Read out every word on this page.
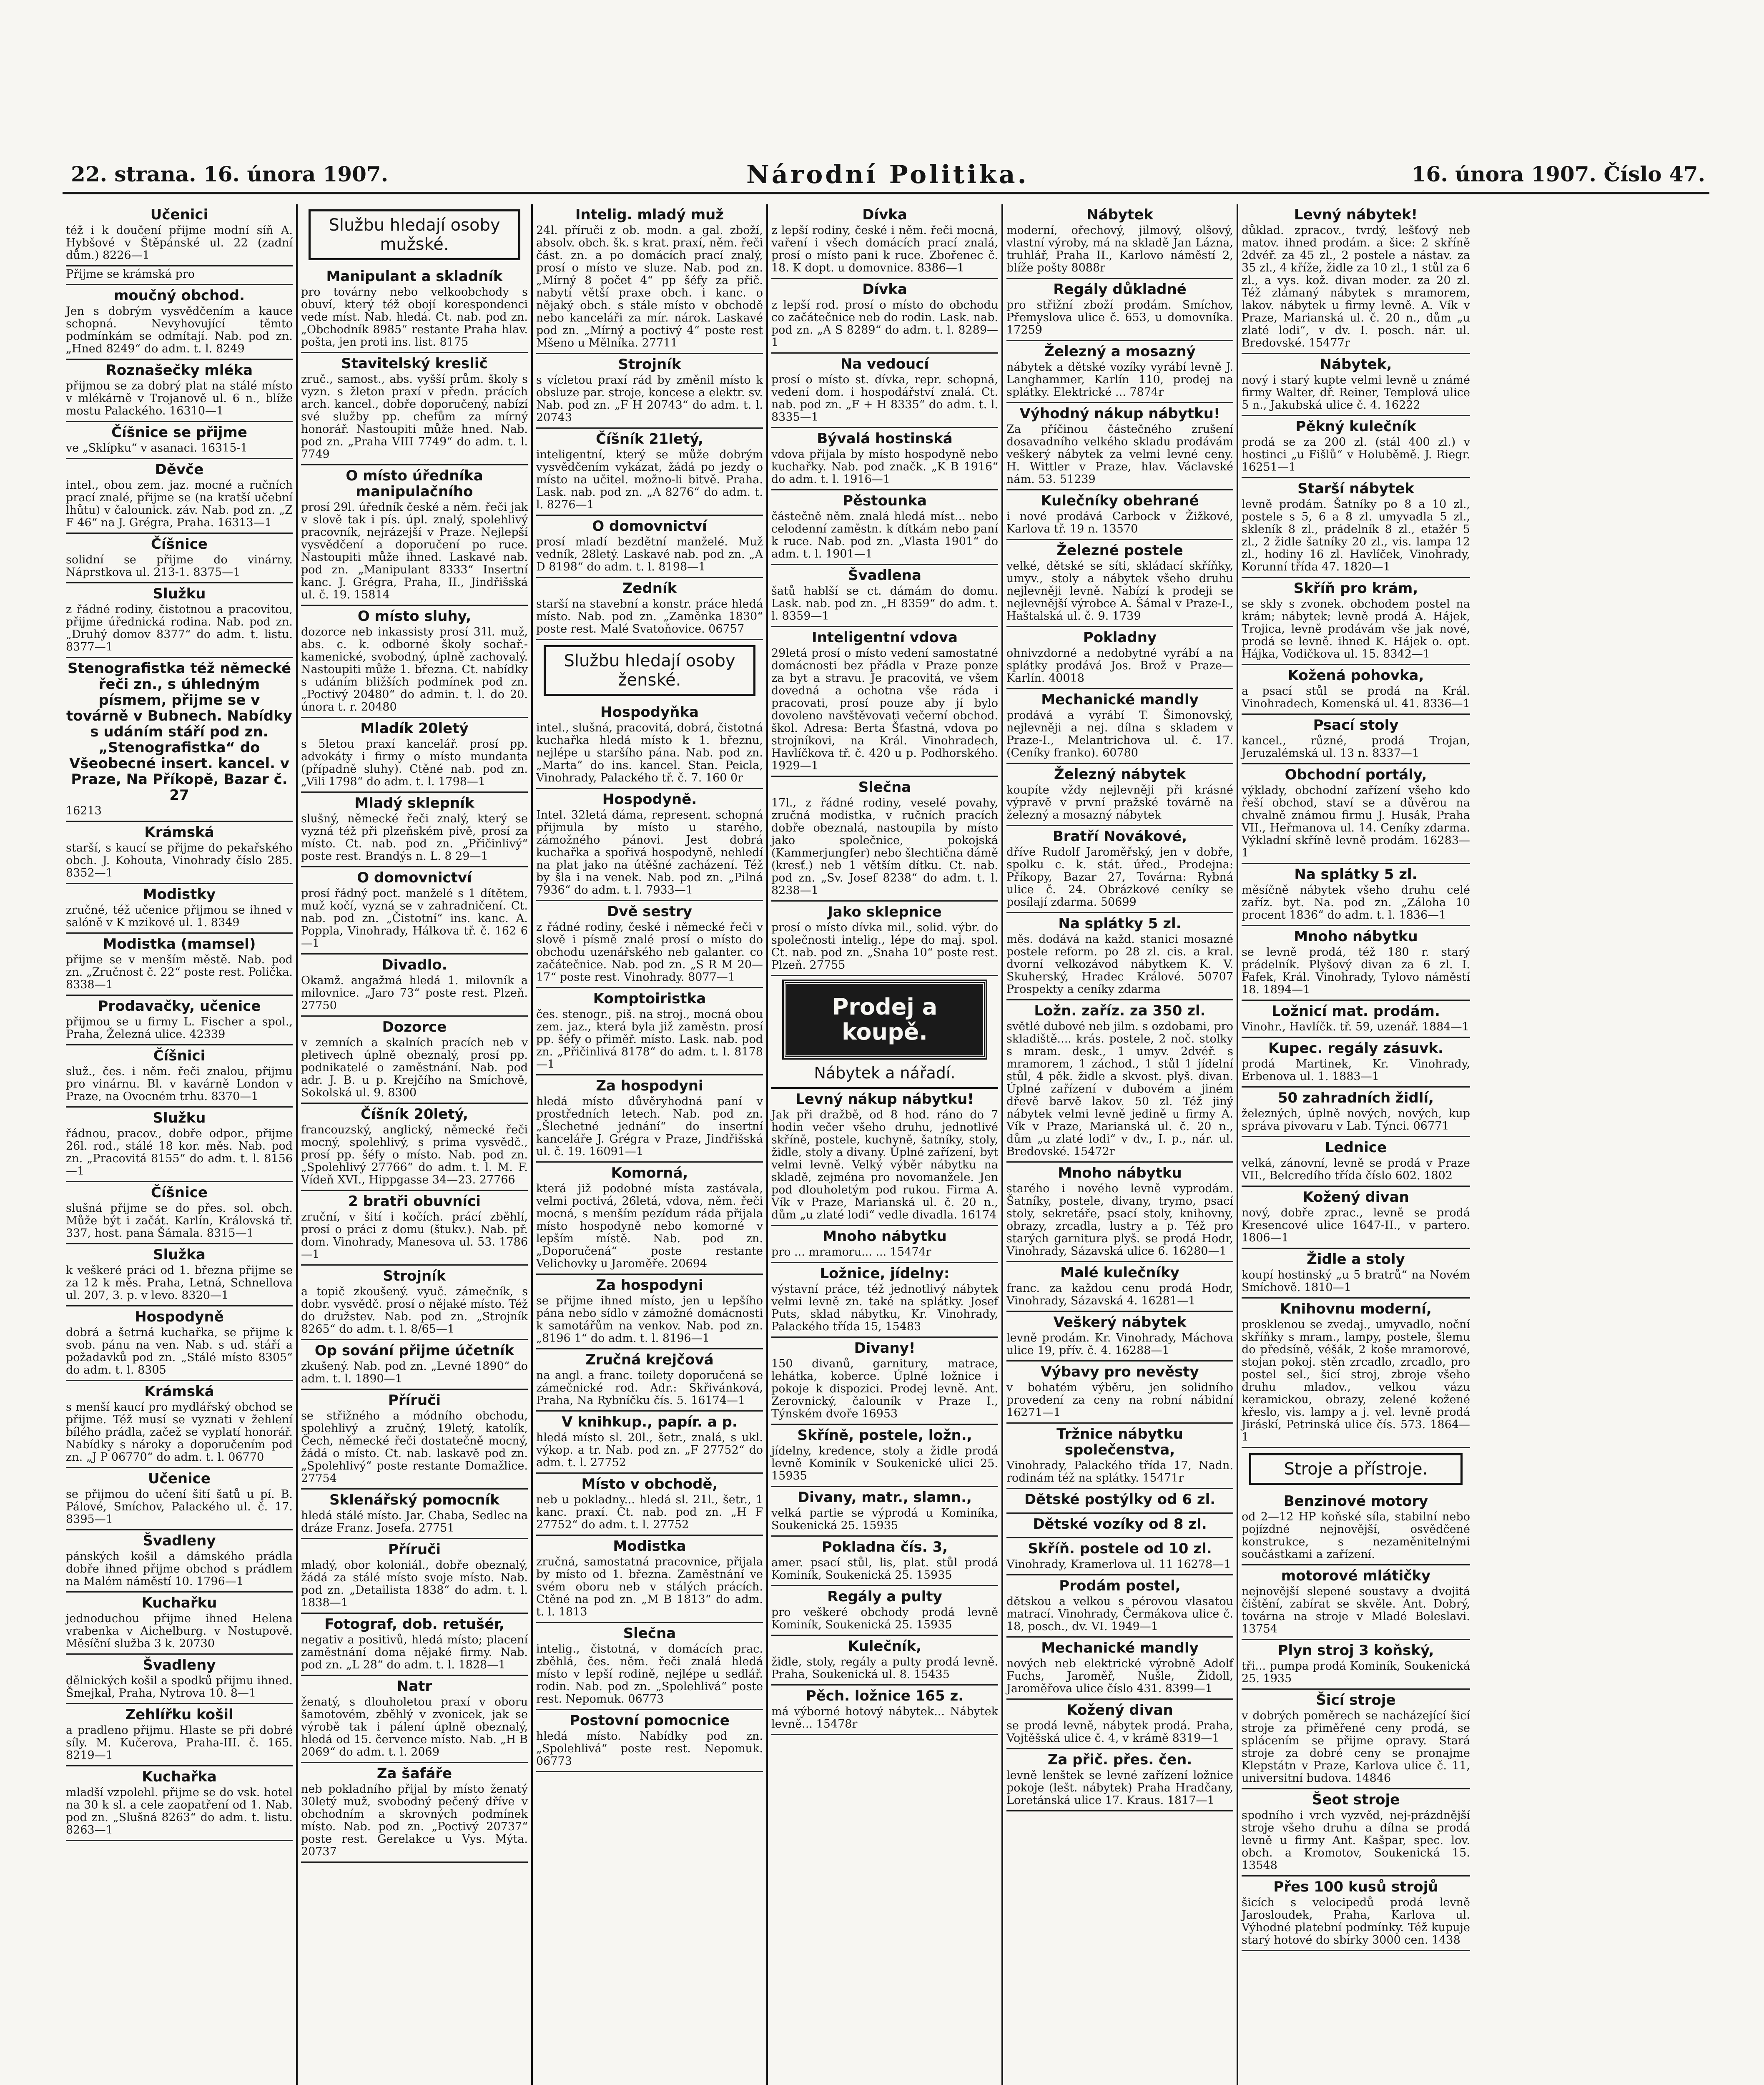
22. strana. 16. února 1907.	Národní Politika.	16. února 1907. Číslo 47.
Učenici

též i k doučení přijme modní síň A. Hybšové v Štěpánské ul. 22 (zadní dům.) 8226—1

Přijme se krámská pro

moučný obchod.

Jen s dobrým vysvědčením a kauce schopná. Nevyhovující těmto podmínkám se odmítají. Nab. pod zn. „Hned 8249“ do adm. t. l. 8249

Roznašečky mléka

přijmou se za dobrý plat na stálé místo v mlékárně v Trojanově ul. 6 n., blíže mostu Palackého. 16310—1

Číšnice se přijme

ve „Sklípku“ v asanaci. 16315-1

Děvče

intel., obou zem. jaz. mocné a ručních prací znalé, přijme se (na kratší učební lhůtu) v čalounick. záv. Nab. pod zn. „Z F 46“ na J. Grégra, Praha. 16313—1

Číšnice

solidní se přijme do vinárny. Náprstkova ul. 213-1. 8375—1

Služku

z řádné rodiny, čistotnou a pracovitou, přijme úřednická rodina. Nab. pod zn. „Druhý domov 8377“ do adm. t. listu. 8377—1

Stenografistka též německé řeči zn., s úhledným písmem, přijme se v továrně v Bubnech. Nabídky s udáním stáří pod zn. „Stenografistka“ do Všeobecné insert. kancel. v Praze, Na Příkopě, Bazar č. 27

16213

Krámská

starší, s kaucí se přijme do pekařského obch. J. Kohouta, Vinohrady číslo 285. 8352—1

Modistky

zručné, též učenice přijmou se ihned v salóně v K mzikové ul. 1. 8349

Modistka (mamsel)

přijme se v menším městě. Nab. pod zn. „Zručnost č. 22“ poste rest. Polička. 8338—1

Prodavačky, učenice

přijmou se u firmy L. Fischer a spol., Praha, Železná ulice. 42339

Číšnici

služ., čes. i něm. řeči znalou, přijmu pro vinárnu. Bl. v kavárně London v Praze, na Ovocném trhu. 8370—1

Služku

řádnou, pracov., dobře odpor., přijme 26l. rod., stálé 18 kor. měs. Nab. pod zn. „Pracovitá 8155“ do adm. t. l. 8156—1

Číšnice

slušná přijme se do přes. sol. obch. Může být i začát. Karlín, Královská tř. 337, host. pana Šámala. 8315—1

Služka

k veškeré práci od 1. března přijme se za 12 k měs. Praha, Letná, Schnellova ul. 207, 3. p. v levo. 8320—1

Hospodyně

dobrá a šetrná kuchařka, se přijme k svob. pánu na ven. Nab. s ud. stáří a požadavků pod zn. „Stálé místo 8305“ do adm. t. l. 8305

Krámská

s menší kaucí pro mydlářský obchod se přijme. Též musí se vyznati v žehlení bílého prádla, začež se vyplatí honorář. Nabídky s nároky a doporučením pod zn. „J P 06770“ do adm. t. l. 06770

Učenice

se přijmou do učení šití šatů u pí. B. Pálové, Smíchov, Palackého ul. č. 17. 8395—1

Švadleny

pánských košil a dámského prádla dobře ihned přijme obchod s prádlem na Malém náměstí 10. 1796—1

Kuchařku

jednoduchou přijme ihned Helena vrabenka v Aichelburg. v Nostupově. Měsíční služba 3 k. 20730

Švadleny

dělnických košil a spodků přijmu ihned. Šmejkal, Praha, Nytrova 10. 8—1

Zehlířku košil

a pradleno přijmu. Hlaste se při dobré síly. M. Kučerova, Praha-III. č. 165. 8219—1

Kuchařka

mladší vzpolehl. přijme se do vsk. hotel na 30 k sl. a cele zaopatření od 1. Nab. pod zn. „Slušná 8263“ do adm. t. listu. 8263—1

Službu hledají osoby mužské.
Manipulant a skladník

pro továrny nebo velkoobchody s obuví, který též obojí korespondenci vede míst. Nab. hledá. Ct. nab. pod zn. „Obchodník 8985“ restante Praha hlav. pošta, jen proti ins. list. 8175

Stavitelský kreslič

zruč., samost., abs. vyšší prům. školy s vyzn. s žleton praxí v předn. prácích arch. kancel., dobře doporučený, nabízí své služby pp. chefům za mírný honorář. Nastoupiti může hned. Nab. pod zn. „Praha VIII 7749“ do adm. t. l. 7749

O místo úředníka manipulačního

prosí 29l. úředník české a něm. řeči jak v slově tak i pís. úpl. znalý, spolehlivý pracovník, nejrázejší v Praze. Nejlepší vysvědčení a doporučení po ruce. Nastoupiti může ihned. Laskavé nab. pod zn. „Manipulant 8333“ Insertní kanc. J. Grégra, Praha, II., Jindřišská ul. č. 19. 15814

O místo sluhy,

dozorce neb inkassisty prosí 31l. muž, abs. c. k. odborné školy sochař.-kamenické, svobodný, úplně zachovalý. Nastoupiti může 1. března. Ct. nabídky s udáním bližších podmínek pod zn. „Poctivý 20480“ do admin. t. l. do 20. února t. r. 20480

Mladík 20letý

s 5letou praxí kancelář. prosí pp. advokáty i firmy o místo mundanta (případně sluhy). Ctěné nab. pod zn. „Vili 1798“ do adm. t. l. 1798—1

Mladý sklepník

slušný, německé řeči znalý, který se vyzná též při plzeňském pivě, prosí za místo. Ct. nab. pod zn. „Přičinlivý“ poste rest. Brandýs n. L. 8 29—1

O domovnictví

prosí řádný poct. manželé s 1 dítětem, muž kočí, vyzná se v zahradničení. Ct. nab. pod zn. „Čistotní“ ins. kanc. A. Poppla, Vinohrady, Hálkova tř. č. 162 6—1

Divadlo.

Okamž. angažmá hledá 1. milovník a milovnice. „Jaro 73“ poste rest. Plzeň. 27750

Dozorce

v zemních a skalních pracích neb v pletivech úplně obeznalý, prosí pp. podnikatelé o zaměstnání. Nab. pod adr. J. B. u p. Krejčího na Smíchově, Sokolská ul. 9. 8300

Číšník 20letý,

francouzský, anglický, německé řeči mocný, spolehlivý, s prima vysvědč., prosí pp. šéfy o místo. Nab. pod zn. „Spolehlivý 27766“ do adm. t. l. M. F. Vídeň XVI., Hippgasse 34—23. 27766

2 bratři obuvníci

zruční, v šití i kočích. prácí zběhlí, prosí o práci z domu (štukv.). Nab. př. dom. Vinohrady, Manesova ul. 53. 1786—1

Strojník

a topič zkoušený. vyuč. zámečník, s dobr. vysvědč. prosí o nějaké místo. Též do družstev. Nab. pod zn. „Strojník 8265“ do adm. t. l. 8/65—1

Op sování přijme účetník

zkušený. Nab. pod zn. „Levné 1890“ do adm. t. l. 1890—1

Příruči

se střižného a módního obchodu, spolehlivý a zručný, 19letý, katolík, Čech, německé řeči dostatečně mocný, žádá o místo. Ct. nab. laskavě pod zn. „Spolehlivý“ poste restante Domažlice. 27754

Sklenářský pomocník

hledá stálé místo. Jar. Chaba, Sedlec na dráze Franz. Josefa. 27751

Příruči

mladý, obor koloniál., dobře obeznalý, žádá za stálé místo svoje místo. Nab. pod zn. „Detailista 1838“ do adm. t. l. 1838—1

Fotograf, dob. retušér,

negativ a positivů, hledá místo; placení zaměstnání doma nějaké firmy. Nab. pod zn. „L 28“ do adm. t. l. 1828—1

Natr

ženatý, s dlouholetou praxí v oboru šamotovém, zběhlý v zvonicek, jak se výrobě tak i pálení úplně obeznalý, hledá od 15. července místo. Nab. „H B 2069“ do adm. t. l. 2069

Za šafáře

neb pokladního přijal by místo ženatý 30letý muž, svobodný pečený dříve v obchodním a skrovných podmínek místo. Nab. pod zn. „Poctivý 20737“ poste rest. Gerelakce u Vys. Mýta. 20737

Intelig. mladý muž

24l. příruči z ob. modn. a gal. zboží, absolv. obch. šk. s krat. praxí, něm. řeči část. zn. a po domácích prací znalý, prosí o místo ve sluze. Nab. pod zn. „Mírný 8 počet 4“ pp šéfy za přič. nabytí větší praxe obch. i kanc. o nějaký obch. s stále místo v obchodě nebo kanceláři za mír. nárok. Laskavé pod zn. „Mírný a poctivý 4“ poste rest Mšeno u Mělníka. 27711

Strojník

s vícletou praxí rád by změnil místo k obsluze par. stroje, koncese a elektr. sv. Nab. pod zn. „F H 20743“ do adm. t. l. 20743

Číšník 21letý,

inteligentní, který se může dobrým vysvědčením vykázat, žádá po jezdy o místo na učitel. možno-li bitvě. Praha. Lask. nab. pod zn. „A 8276“ do adm. t. l. 8276—1

O domovnictví

prosí mladí bezdětní manželé. Muž vedník, 28letý. Laskavé nab. pod zn. „A D 8198“ do adm. t. l. 8198—1

Zedník

starší na stavební a konstr. práce hledá místo. Nab. pod zn. „Zaměnka 1830“ poste rest. Malé Svatoňovice. 06757

Službu hledají osoby ženské.
Hospodyňka

intel., slušná, pracovitá, dobrá, čistotná kuchařka hledá místo k 1. březnu, nejlépe u staršího pána. Nab. pod zn. „Marta“ do ins. kancel. Stan. Peicla, Vinohrady, Palackého tř. č. 7. 160 0r

Hospodyně.

Intel. 32letá dáma, represent. schopná přijmula by místo u starého, zámožného pánovi. Jest dobrá kuchařka a spořivá hospodyně, nehledí na plat jako na útěšné zacházení. Též by šla i na venek. Nab. pod zn. „Pilná 7936“ do adm. t. l. 7933—1

Dvě sestry

z řádné rodiny, české i německé řeči v slově i písmě znalé prosí o místo do obchodu uzenářského neb galanter. co začátečnice. Nab. pod zn. „S R M 20—17“ poste rest. Vinohrady. 8077—1

Komptoiristka

čes. stenogr., piš. na stroj., mocná obou zem. jaz., která byla již zaměstn. prosí pp. šéfy o přiměř. místo. Lask. nab. pod zn. „Přičinlivá 8178“ do adm. t. l. 8178—1

Za hospodyni

hledá místo důvěryhodná paní v prostředních letech. Nab. pod zn. „Šlechetné jednání“ do insertní kanceláře J. Grégra v Praze, Jindřišská ul. č. 19. 16091—1

Komorná,

která již podobné místa zastávala, velmi poctivá, 26letá, vdova, něm. řeči mocná, s menším pezídum ráda přijala místo hospodyně nebo komorné v lepším místě. Nab. pod zn. „Doporučená“ poste restante Velichovky u Jaroměře. 20694

Za hospodyni

se přijme ihned místo, jen u lepšího pána nebo sídlo v zámožné domácnosti k samotářům na venkov. Nab. pod zn. „8196 1“ do adm. t. l. 8196—1

Zručná krejčová

na angl. a franc. toilety doporučená se zámečnické rod. Adr.: Skřivánková, Praha, Na Rybníčku čís. 5. 16174—1

V knihkup., papír. a p.

hledá místo sl. 20l., šetr., znalá, s ukl. výkop. a tr. Nab. pod zn. „F 27752“ do adm. t. l. 27752

Místo v obchodě,

neb u pokladny... hledá sl. 21l., šetr., 1 kanc. praxí. Ct. nab. pod zn. „H F 27752“ do adm. t. l. 27752

Modistka

zručná, samostatná pracovnice, přijala by místo od 1. března. Zaměstnání ve svém oboru neb v stálých prácích. Ctěné na pod zn. „M B 1813“ do adm. t. l. 1813

Slečna

intelig., čistotná, v domácích prac. zběhlá, čes. něm. řeči znalá hledá místo v lepší rodině, nejlépe u sedlář. rodin. Nab. pod zn. „Spolehlivá“ poste rest. Nepomuk. 06773

Postovní pomocnice

hledá místo. Nabídky pod zn. „Spolehlivá“ poste rest. Nepomuk. 06773

Dívka

z lepší rodiny, české i něm. řeči mocná, vaření i všech domácích prací znalá, prosí o místo pani k ruce. Zbořenec č. 18. K dopt. u domovnice. 8386—1

Dívka

z lepší rod. prosí o místo do obchodu co začátečnice neb do rodin. Lask. nab. pod zn. „A S 8289“ do adm. t. l. 8289—1

Na vedoucí

prosí o místo st. dívka, repr. schopná, vedení dom. i hospodářství znalá. Ct. nab. pod zn. „F + H 8335“ do adm. t. l. 8335—1

Bývalá hostinská

vdova přijala by místo hospodyně nebo kuchařky. Nab. pod značk. „K B 1916“ do adm. t. l. 1916—1

Pěstounka

částečně něm. znalá hledá míst... nebo celodenní zaměstn. k dítkám nebo paní k ruce. Nab. pod zn. „Vlasta 1901“ do adm. t. l. 1901—1

Švadlena

šatů hablší se ct. dámám do domu. Lask. nab. pod zn. „H 8359“ do adm. t. l. 8359—1

Inteligentní vdova

29letá prosí o místo vedení samostatné domácnosti bez přádla v Praze ponze za byt a stravu. Je pracovitá, ve všem dovedná a ochotna vše ráda i pracovati, prosí pouze aby jí bylo dovoleno navštěvovati večerní obchod. škol. Adresa: Berta Šťastná, vdova po strojníkovi, na Král. Vinohradech, Havlíčkova tř. č. 420 u p. Podhorského. 1929—1

Slečna

17l., z řádné rodiny, veselé povahy, zručná modistka, v ručních pracích dobře obeznalá, nastoupila by místo jako společnice, pokojská (Kammerjungfer) nebo šlechtična dámě (kresť.) neb 1 větším dítku. Ct. nab. pod zn. „Sv. Josef 8238“ do adm. t. l. 8238—1

Jako sklepnice

prosí o místo dívka mil., solid. výbr. do společnosti intelig., lépe do maj. spol. Ct. nab. pod zn. „Snaha 10“ poste rest. Plzeň. 27755

Prodej a koupě.
Nábytek a nářadí.
Levný nákup nábytku!

Jak při dražbě, od 8 hod. ráno do 7 hodin večer všeho druhu, jednotlivé skříně, postele, kuchyně, šatníky, stoly, židle, stoly a divany. Úplné zařízení, byt velmi levně. Velký výběr nábytku na skladě, zejména pro novomanžele. Jen pod dlouholetým pod rukou. Firma A. Vík v Praze, Marianská ul. č. 20 n., dům „u zlaté lodi“ vedle divadla. 16174

Mnoho nábytku

pro ... mramoru... ... 15474r

Ložnice, jídelny:

výstavní práce, též jednotlivý nábytek velmi levně zn. také na splátky. Josef Puts, sklad nábytku, Kr. Vinohrady, Palackého třída 15, 15483

Divany!

150 divanů, garnitury, matrace, lehátka, koberce. Úplné ložnice i pokoje k dispozici. Prodej levně. Ant. Zerovnický, čalouník v Praze I., Týnském dvoře 16953

Skříně, postele, ložn.,

jídelny, kredence, stoly a židle prodá levně Kominík v Soukenické ulici 25. 15935

Divany, matr., slamn.,

velká partie se výprodá u Kominíka, Soukenická 25. 15935

Pokladna čís. 3,

amer. psací stůl, lis, plat. stůl prodá Kominík, Soukenická 25. 15935

Regály a pulty

pro veškeré obchody prodá levně Kominík, Soukenická 25. 15935

Kulečník,

židle, stoly, regály a pulty prodá levně. Praha, Soukenická ul. 8. 15435

Pěch. ložnice 165 z.

má výborné hotový nábytek... Nábytek levně... 15478r

Nábytek

moderní, ořechový, jilmový, olšový, vlastní výroby, má na skladě Jan Lázna, truhlář, Praha II., Karlovo náměstí 2, blíže pošty 8088r

Regály důkladné

pro střižní zboží prodám. Smíchov, Přemyslova ulice č. 653, u domovníka. 17259

Železný a mosazný

nábytek a dětské vozíky vyrábí levně J. Langhammer, Karlín 110, prodej na splátky. Elektrické ... 7874r

Výhodný nákup nábytku!

Za příčinou částečného zrušení dosavadního velkého skladu prodávám veškerý nábytek za velmi levné ceny. H. Wittler v Praze, hlav. Václavské nám. 53. 51239

Kulečníky obehrané

i nové prodává Carbock v Žižkové, Karlova tř. 19 n. 13570

Železné postele

velké, dětské se síti, skládací skříňky, umyv., stoly a nábytek všeho druhu nejlevněji levně. Nabízí k prodeji se nejlevnější výrobce A. Šámal v Praze-I., Haštalská ul. č. 9. 1739

Pokladny

ohnivzdorné a nedobytné vyrábí a na splátky prodává Jos. Brož v Praze—Karlín. 40018

Mechanické mandly

prodává a vyrábí T. Šimonovský, nejlevněji a nej. dílna s skladem v Praze-I., Melantrichova ul. č. 17. (Ceníky franko). 60780

Železný nábytek

koupíte vždy nejlevněji při krásné výpravě v první pražské továrně na železný a mosazný nábytek

Bratří Novákové,

dříve Rudolf Jaroměřský, jen v dobře, spolku c. k. stát. úřed., Prodejna: Příkopy, Bazar 27, Továrna: Rybná ulice č. 24. Obrázkové ceníky se posílají zdarma. 50699

Na splátky 5 zl.

měs. dodává na každ. stanici mosazné postele reform. po 28 zl. cis. a kral. dvorní velkozávod nábytkem K. V. Skuherský, Hradec Králové. 50707 Prospekty a ceníky zdarma

Ložn. zaříz. za 350 zl.

světlé dubové neb jilm. s ozdobami, pro skladiště.... krás. postele, 2 noč. stolky s mram. desk., 1 umyv. 2dvéř. s mramorem, 1 záchod., 1 stůl 1 jídelní stůl, 4 pěk. židle a skvost. plyš. divan. Úplné zařízení v dubovém a jiném dřevě barvě lakov. 50 zl. Též jiný nábytek velmi levně jedině u firmy A. Vík v Praze, Marianská ul. č. 20 n., dům „u zlaté lodi“ v dv., I. p., nár. ul. Bredovské. 15472r

Mnoho nábytku

starého i nového levně vyprodám. Šatníky, postele, divany, trymo, psací stoly, sekretáře, psací stoly, knihovny, obrazy, zrcadla, lustry a p. Též pro starých garnitura plyš. se prodá Hodr, Vinohrady, Sázavská ulice 6. 16280—1

Malé kulečníky

franc. za každou cenu prodá Hodr, Vinohrady, Sázavská 4. 16281—1

Veškerý nábytek

levně prodám. Kr. Vinohrady, Máchova ulice 19, přív. č. 4. 16288—1

Výbavy pro nevěsty

v bohatém výběru, jen solidního provedení za ceny na robní nábidní 16271—1

Tržnice nábytku společenstva,

Vinohrady, Palackého třída 17, Nadn. rodinám též na splátky. 15471r

Dětské postýlky od 6 zl.
Dětské vozíky od 8 zl.
Skříň. postele od 10 zl.

Vinohrady, Kramerlova ul. 11 16278—1

Prodám postel,

dětskou a velkou s pérovou vlasatou matrací. Vinohrady, Čermákova ulice č. 18, posch., dv. VI. 1949—1

Mechanické mandly

nových neb elektrické výrobně Adolf Fuchs, Jaroměř, Nušle, Židoll, Jaroměřova ulice číslo 431. 8399—1

Kožený divan

se prodá levně, nábytek prodá. Praha, Vojtěšská ulice č. 4, v krámě 8319—1

Za přič. přes. čen.

levně lenštek se levné zařízení ložnice pokoje (lešt. nábytek) Praha Hradčany, Loretánská ulice 17. Kraus. 1817—1

Levný nábytek!

důklad. zpracov., tvrdý, lešťový neb matov. ihned prodám. a šice: 2 skříně 2dvéř. za 45 zl., 2 postele a nástav. za 35 zl., 4 kříže, židle za 10 zl., 1 stůl za 6 zl., a vys. kož. divan moder. za 20 zl. Též zlámaný nábytek s mramorem, lakov. nábytek u firmy levně. A. Vík v Praze, Marianská ul. č. 20 n., dům „u zlaté lodi“, v dv. I. posch. nár. ul. Bredovské. 15477r

Nábytek,

nový i starý kupte velmi levně u známé firmy Walter, dř. Reiner, Templová ulice 5 n., Jakubská ulice č. 4. 16222

Pěkný kulečník

prodá se za 200 zl. (stál 400 zl.) v hostinci „u Fišlů“ v Holuběmě. J. Riegr. 16251—1

Starší nábytek

levně prodám. Šatníky po 8 a 10 zl., postele s 5, 6 a 8 zl. umyvadla 5 zl., skleník 8 zl., prádelník 8 zl., etažér 5 zl., 2 židle šatníky 20 zl., vis. lampa 12 zl., hodiny 16 zl. Havlíček, Vinohrady, Korunní třída 47. 1820—1

Skříň pro krám,

se skly s zvonek. obchodem postel na krám; nábytek; levně prodá A. Hájek, Trojica, levně prodávám vše jak nové, prodá se levně. ihned K. Hájek o. opt. Hájka, Vodičkova ul. 15. 8342—1

Kožená pohovka,

a psací stůl se prodá na Král. Vinohradech, Komenská ul. 41. 8336—1

Psací stoly

kancel., různé, prodá Trojan, Jeruzalémská ul. 13 n. 8337—1

Obchodní portály,

výklady, obchodní zařízení všeho kdo řeší obchod, staví se a důvěrou na chvalně známou firmu J. Husák, Praha VII., Heřmanova ul. 14. Ceníky zdarma. Výkladní skříně levně prodám. 16283—1

Na splátky 5 zl.

měsíčně nábytek všeho druhu celé zaříz. byt. Na. pod zn. „Záloha 10 procent 1836“ do adm. t. l. 1836—1

Mnoho nábytku

se levně prodá, též 180 r. starý prádelník. Plyšový divan za 6 zl. I. Fafek, Král. Vinohrady, Tylovo náměstí 18. 1894—1

Ložnicí mat. prodám.

Vinohr., Havlíčk. tř. 59, uzenář. 1884—1

Kupec. regály zásuvk.

prodá Martinek, Kr. Vinohrady, Erbenova ul. 1. 1883—1

50 zahradních židlí,

železných, úplně nových, nových, kup správa pivovaru v Lab. Týnci. 06771

Lednice

velká, zánovní, levně se prodá v Praze VII., Belcredího třída číslo 602. 1802

Kožený divan

nový, dobře zprac., levně se prodá Kresencové ulice 1647-II., v partero. 1806—1

Židle a stoly

koupí hostinský „u 5 bratrů“ na Novém Smíchově. 1810—1

Knihovnu moderní,

prosklenou se zvedaj., umyvadlo, noční skříňky s mram., lampy, postele, šlemu do předsíně, véšák, 2 koše mramorové, stojan pokoj. stěn zrcadlo, zrcadlo, pro postel sel., šicí stroj, zbroje všeho druhu mladov., velkou vázu keramickou, obrazy, zelené kožené křeslo, vis. lampy a j. vel. levně prodá Jiráskí, Petrinská ulice čís. 573. 1864—1

Stroje a přístroje.
Benzinové motory

od 2—12 HP koňské síla, stabilní nebo pojízdné nejnovější, osvědčené konstrukce, s nezaměnitelnými součástkami a zařízení.

motorové mlátičky

nejnovější slepené soustavy a dvojitá čištění, zabírat se skvěle. Ant. Dobrý, továrna na stroje v Mladé Boleslavi. 13754

Plyn stroj 3 koňský,

tři... pumpa prodá Kominík, Soukenická 25. 1935

Šicí stroje

v dobrých poměrech se nacházející šicí stroje za přiměřené ceny prodá, se splácením se přijme opravy. Stará stroje za dobré ceny se pronajme Klepstátn v Praze, Karlova ulice č. 11, universitní budova. 14846

Šeot stroje

spodního i vrch vyzvěd, nej-prázdnější stroje všeho druhu a dílna se prodá levně u firmy Ant. Kašpar, spec. lov. obch. a Kromotov, Soukenická 15. 13548

Přes 100 kusů strojů

šicích s velocipedů prodá levně Jarosloudek, Praha, Karlova ul. Výhodné platební podmínky. Též kupuje starý hotové do sbírky 3000 cen. 1438
